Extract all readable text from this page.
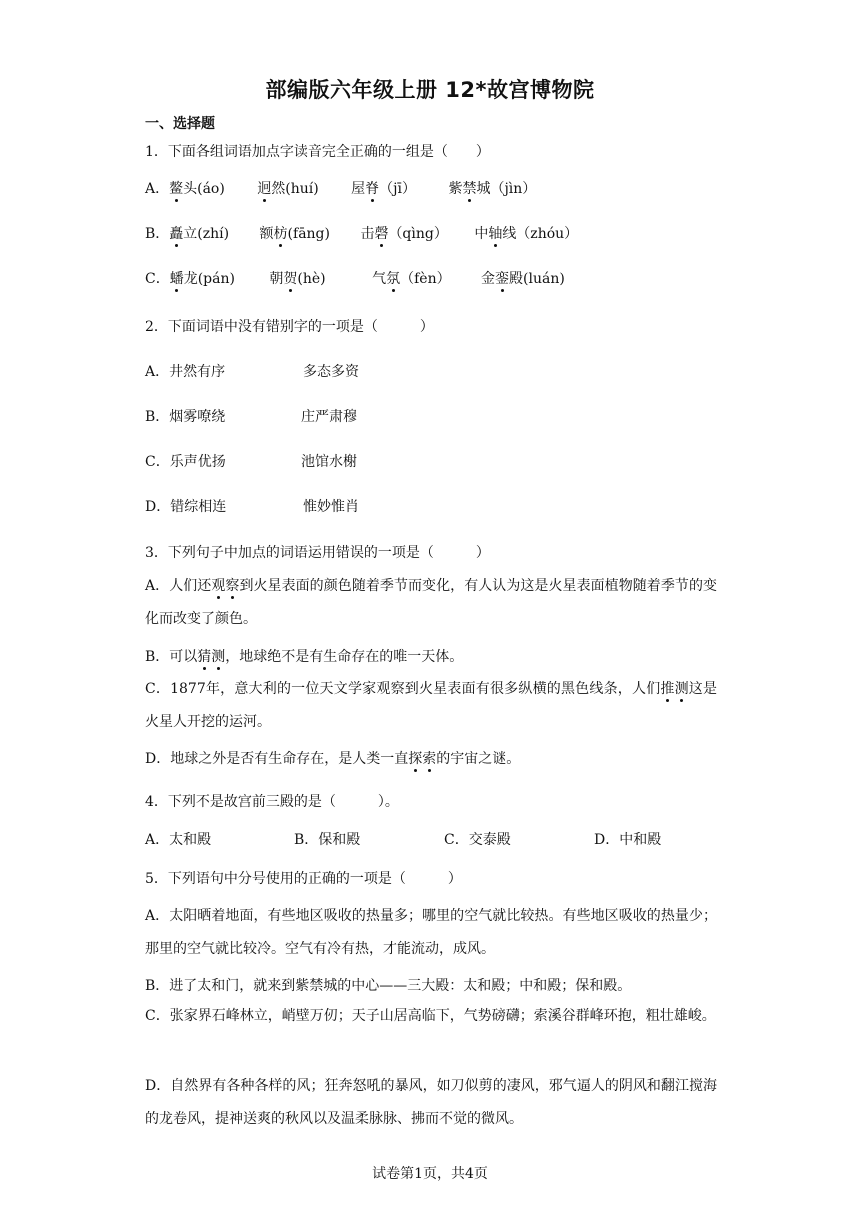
部编版六年级上册 12*故宫博物院
一、选择题
1．下面各组词语加点字读音完全正确的一组是（　　）
A．鳌头(áo) 迥然(huí) 屋脊（jī） 紫禁城（jìn）
B．矗立(zhí) 额枋(fāng) 击磬（qìng） 中轴线（zhóu）
C．蟠龙(pán) 朝贺(hè)	气氛（fèn） 金銮殿(luán)
2．下面词语中没有错别字的一项是（　　　）
A．井然有序	多态多资
B．烟雾嘹绕	庄严肃穆
C．乐声优扬	池馆水榭
D．错综相连	惟妙惟肖
3．下列句子中加点的词语运用错误的一项是（　　　）
A．人们还观察到火星表面的颜色随着季节而变化，有人认为这是火星表面植物随着季节的变化而改变了颜色。
B．可以猜测，地球绝不是有生命存在的唯一天体。
C．1877年，意大利的一位天文学家观察到火星表面有很多纵横的黑色线条，人们推测这是火星人开挖的运河。
D．地球之外是否有生命存在，是人类一直探索的宇宙之谜。
4．下列不是故宫前三殿的是（　　　）。
A．太和殿	B．保和殿	C．交泰殿	D．中和殿
5．下列语句中分号使用的正确的一项是（　　　）
A．太阳晒着地面，有些地区吸收的热量多；哪里的空气就比较热。有些地区吸收的热量少；那里的空气就比较冷。空气有冷有热，才能流动，成风。
B．进了太和门，就来到紫禁城的中心——三大殿：太和殿；中和殿；保和殿。
C．张家界石峰林立，峭壁万仞；天子山居高临下，气势磅礴；索溪谷群峰环抱，粗壮雄峻。
D．自然界有各种各样的风；狂奔怒吼的暴风，如刀似剪的凄风，邪气逼人的阴风和翻江搅海的龙卷风，提神送爽的秋风以及温柔脉脉、拂而不觉的微风。
试卷第1页，共4页
